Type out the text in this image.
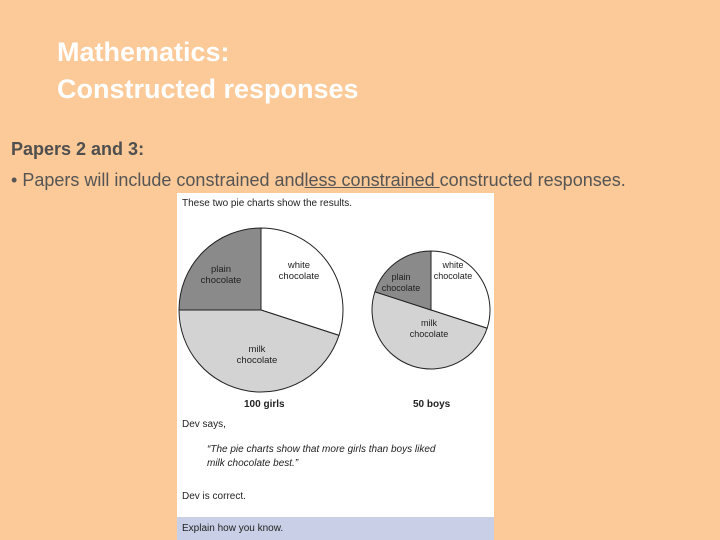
Mathematics:
Constructed responses
Papers 2 and 3:
• Papers will include constrained andless constrained constructed responses.
These two pie charts show the results.
white
chocolate
milk
chocolate
plain
chocolate
white
chocolate
milk
chocolate
plain
chocolate
100 girls	50 boys
Dev says,
“The pie charts show that more girls than boys liked
milk chocolate best.”
Dev is correct.
Explain how you know.
